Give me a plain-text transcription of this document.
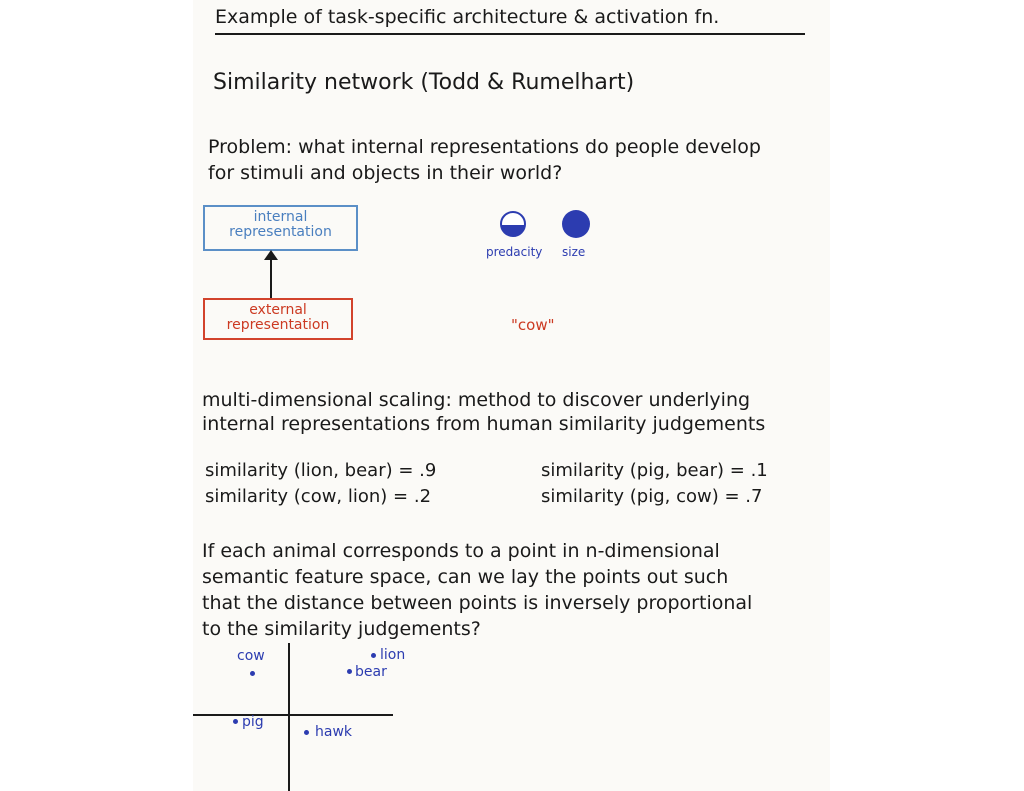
Example of task-specific architecture & activation fn.
Similarity network (Todd & Rumelhart)
Problem: what internal representations do people develop
for stimuli and objects in their world?
internal
representation
external
representation
predacity size
"cow"
multi-dimensional scaling: method to discover underlying
internal representations from human similarity judgements
similarity (lion, bear) = .9
similarity (cow, lion) = .2
similarity (pig, bear) = .1
similarity (pig, cow) = .7
If each animal corresponds to a point in n-dimensional
semantic feature space, can we lay the points out such
that the distance between points is inversely proportional
to the similarity judgements?
cow	lion
bear
pig
hawk
